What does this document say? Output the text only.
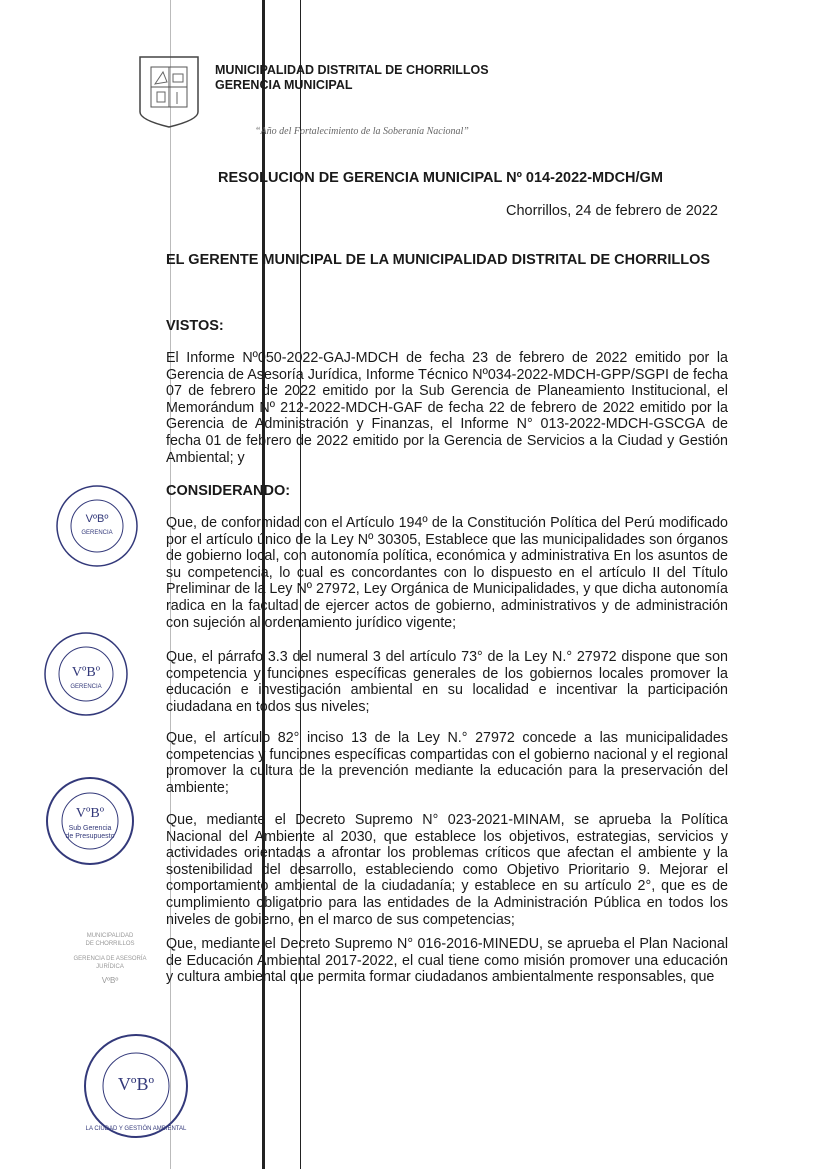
MUNICIPALIDAD DISTRITAL DE CHORRILLOS
GERENCIA MUNICIPAL
“Año del Fortalecimiento de la Soberanía Nacional”
RESOLUCION DE GERENCIA MUNICIPAL Nº 014-2022-MDCH/GM
Chorrillos, 24 de febrero de 2022
EL GERENTE MUNICIPAL DE LA MUNICIPALIDAD DISTRITAL DE CHORRILLOS
VISTOS:
El Informe Nº050-2022-GAJ-MDCH de fecha 23 de febrero de 2022 emitido por la Gerencia de Asesoría Jurídica, Informe Técnico Nº034-2022-MDCH-GPP/SGPI de fecha 07 de febrero de 2022 emitido por la Sub Gerencia de Planeamiento Institucional, el Memorándum Nº 212-2022-MDCH-GAF de fecha 22 de febrero de 2022 emitido por la Gerencia de Administración y Finanzas, el Informe N° 013-2022-MDCH-GSCGA de fecha 01 de febrero de 2022 emitido por la Gerencia de Servicios a la Ciudad y Gestión Ambiental; y
CONSIDERANDO:
Que, de conformidad con el Artículo 194º de la Constitución Política del Perú modificado por el artículo único de la Ley Nº 30305, Establece que las municipalidades son órganos de gobierno local, con autonomía política, económica y administrativa En los asuntos de su competencia, lo cual es concordantes con lo dispuesto en el artículo II del Título Preliminar de la Ley Nº 27972, Ley Orgánica de Municipalidades, y que dicha autonomía radica en la facultad de ejercer actos de gobierno, administrativos y de administración con sujeción al ordenamiento jurídico vigente;
Que, el párrafo 3.3 del numeral 3 del artículo 73° de la Ley N.° 27972 dispone que son competencia y funciones específicas generales de los gobiernos locales promover la educación e investigación ambiental en su localidad e incentivar la participación ciudadana en todos sus niveles;
Que, el artículo 82° inciso 13 de la Ley N.° 27972 concede a las municipalidades competencias y funciones específicas compartidas con el gobierno nacional y el regional promover la cultura de la prevención mediante la educación para la preservación del ambiente;
Que, mediante el Decreto Supremo N° 023-2021-MINAM, se aprueba la Política Nacional del Ambiente al 2030, que establece los objetivos, estrategias, servicios y actividades orientadas a afrontar los problemas críticos que afectan el ambiente y la sostenibilidad del desarrollo, estableciendo como Objetivo Prioritario 9. Mejorar el comportamiento ambiental de la ciudadanía; y establece en su artículo 2°, que es de cumplimiento obligatorio para las entidades de la Administración Pública en todos los niveles de gobierno, en el marco de sus competencias;
Que, mediante el Decreto Supremo N° 016-2016-MINEDU, se aprueba el Plan Nacional de Educación Ambiental 2017-2022, el cual tiene como misión promover una educación y cultura ambiental que permita formar ciudadanos ambientalmente responsables, que
VºBº
GERENCIA
VºBº
GERENCIA
VºBº
Sub Gerencia
de Presupuesto
MUNICIPALIDAD
DE CHORRILLOS
GERENCIA DE ASESORÍA
JURÍDICA
VºBº
VºBº
LA CIUDAD Y GESTIÓN AMBIENTAL
